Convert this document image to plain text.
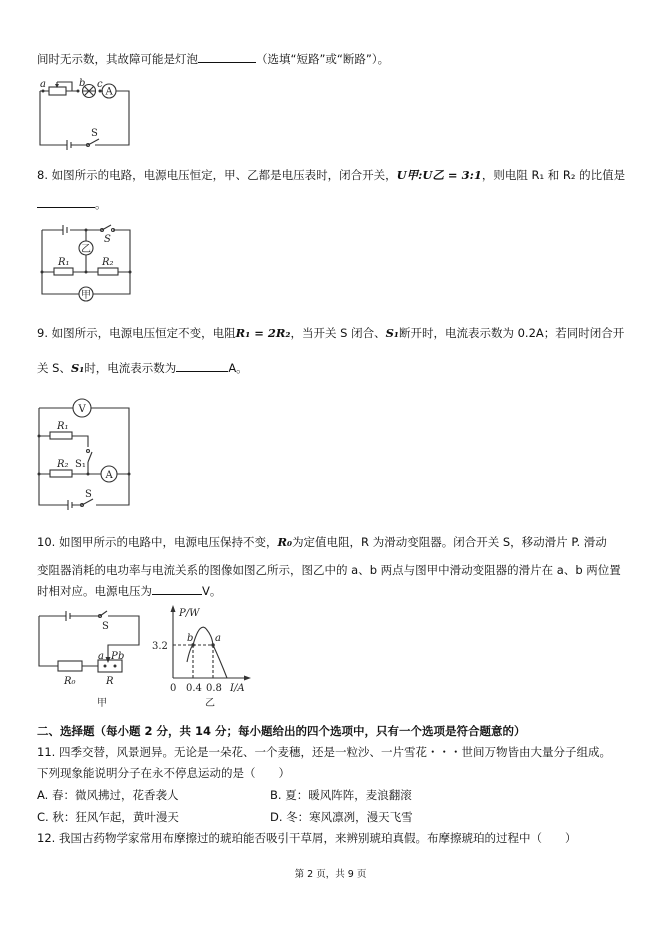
间时无示数，其故障可能是灯泡	（选填“短路”或“断路”）。
A
a	b c
S
S
乙
R₁	R₂
甲
V
R₁
R₂ S₁
A
S
S
a P b
R₀	R
甲
P/W
3.2
b a
0 0.4 0.8 I/A
乙
8. 如图所示的电路，电源电压恒定，甲、乙都是电压表时，闭合开关，U甲:U乙 = 3:1，则电阻 R₁ 和 R₂ 的比值是
。
9. 如图所示，电源电压恒定不变，电阻R₁ = 2R₂，当开关 S 闭合、S₁断开时，电流表示数为 0.2A；若同时闭合开
关 S、S₁时，电流表示数为	A。
10. 如图甲所示的电路中，电源电压保持不变，R₀为定值电阻，R 为滑动变阻器。闭合开关 S，移动滑片 P. 滑动
变阻器消耗的电功率与电流关系的图像如图乙所示，图乙中的 a、b 两点与图甲中滑动变阻器的滑片在 a、b 两位置
时相对应。电源电压为	V。
二、选择题（每小题 2 分，共 14 分；每小题给出的四个选项中，只有一个选项是符合题意的）
11. 四季交替，风景迥异。无论是一朵花、一个麦穗，还是一粒沙、一片雪花・・・世间万物皆由大量分子组成。
下列现象能说明分子在永不停息运动的是（　　）
A. 春：微风拂过，花香袭人	B. 夏：暖风阵阵，麦浪翻滚
C. 秋：狂风乍起，黄叶漫天	D. 冬：寒风凛冽，漫天飞雪
12. 我国古药物学家常用布摩擦过的琥珀能否吸引干草屑，来辨别琥珀真假。布摩擦琥珀的过程中（　　）
第 2 页，共 9 页
